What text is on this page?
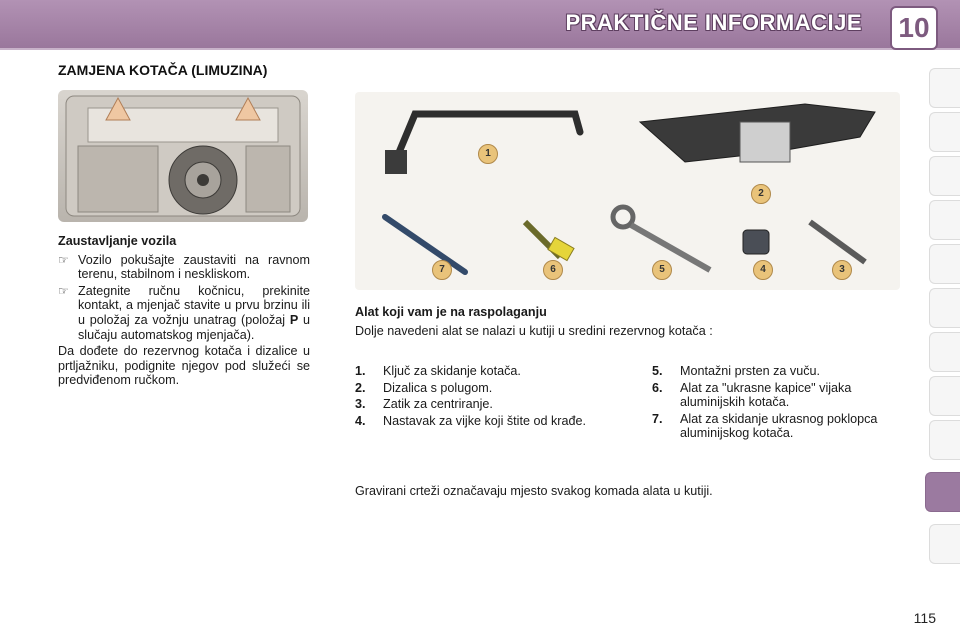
PRAKTIČNE INFORMACIJE	10
ZAMJENA KOTAČA (LIMUZINA)
1
2
3
4
5
6
7
Zaustavljanje vozila
☞ Vozilo pokušajte zaustaviti na ravnom terenu, stabilnom i neskliskom.
☞ Zategnite ručnu kočnicu, prekinite kontakt, a mjenjač stavite u prvu brzinu ili u položaj za vožnju unatrag (položaj P u slučaju automatskog mjenjača).
Da dođete do rezervnog kotača i dizalice u prtljažniku, podignite njegov pod služeći se predviđenom ručkom.
Alat koji vam je na raspolaganju
Dolje navedeni alat se nalazi u kutiji u sredini rezervnog kotača :
1. Ključ za skidanje kotača.
2. Dizalica s polugom.
3. Zatik za centriranje.
4. Nastavak za vijke koji štite od krađe.
5. Montažni prsten za vuču.
6. Alat za "ukrasne kapice" vijaka aluminijskih kotača.
7. Alat za skidanje ukrasnog poklopca aluminijskog kotača.
Gravirani crteži označavaju mjesto svakog komada alata u kutiji.
115
